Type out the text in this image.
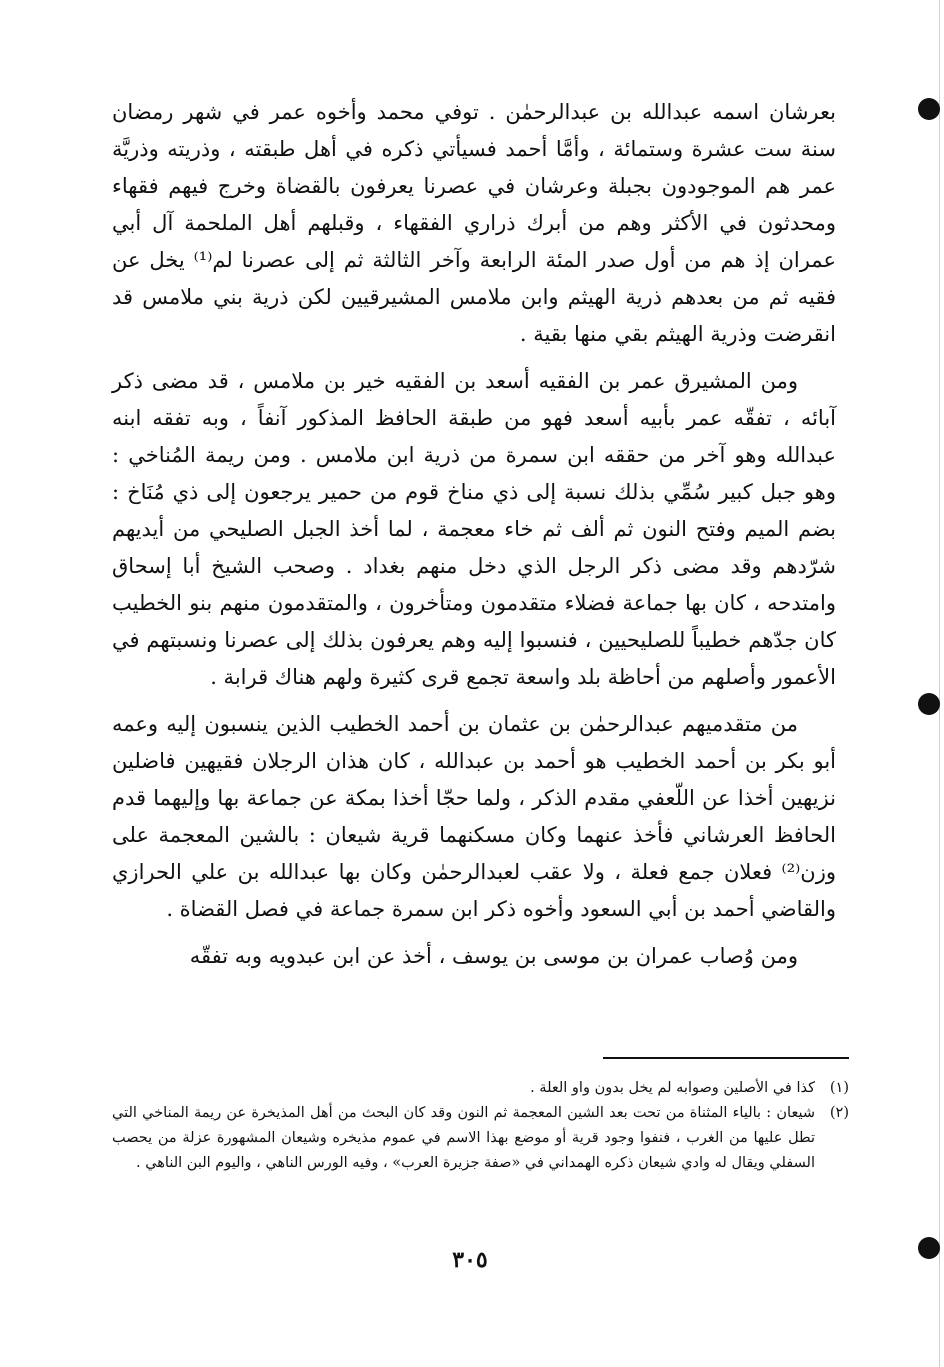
بعرشان اسمه عبدالله بن عبدالرحمٰن . توفي محمد وأخوه عمر في شهر رمضان سنة ست عشرة وستمائة ، وأمَّا أحمد فسيأتي ذكره في أهل طبقته ، وذريته وذريَّة عمر هم الموجودون بجبلة وعرشان في عصرنا يعرفون بالقضاة وخرج فيهم فقهاء ومحدثون في الأكثر وهم من أبرك ذراري الفقهاء ، وقبلهم أهل الملحمة آل أبي عمران إذ هم من أول صدر المئة الرابعة وآخر الثالثة ثم إلى عصرنا لم⁽¹⁾ يخل عن فقيه ثم من بعدهم ذرية الهيثم وابن ملامس المشيرقيين لكن ذرية بني ملامس قد انقرضت وذرية الهيثم بقي منها بقية .

ومن المشيرق عمر بن الفقيه أسعد بن الفقيه خير بن ملامس ، قد مضى ذكر آبائه ، تفقّه عمر بأبيه أسعد فهو من طبقة الحافظ المذكور آنفاً ، وبه تفقه ابنه عبدالله وهو آخر من حققه ابن سمرة من ذرية ابن ملامس . ومن ريمة المُناخي : وهو جبل كبير سُمِّي بذلك نسبة إلى ذي مناخ قوم من حمير يرجعون إلى ذي مُنَاخ : بضم الميم وفتح النون ثم ألف ثم خاء معجمة ، لما أخذ الجبل الصليحي من أيديهم شرّدهم وقد مضى ذكر الرجل الذي دخل منهم بغداد . وصحب الشيخ أبا إسحاق وامتدحه ، كان بها جماعة فضلاء متقدمون ومتأخرون ، والمتقدمون منهم بنو الخطيب كان جدّهم خطيباً للصليحيين ، فنسبوا إليه وهم يعرفون بذلك إلى عصرنا ونسبتهم في الأعمور وأصلهم من أحاظة بلد واسعة تجمع قرى كثيرة ولهم هناك قرابة .

من متقدميهم عبدالرحمٰن بن عثمان بن أحمد الخطيب الذين ينسبون إليه وعمه أبو بكر بن أحمد الخطيب هو أحمد بن عبدالله ، كان هذان الرجلان فقيهين فاضلين نزيهين أخذا عن اللّعفي مقدم الذكر ، ولما حجّا أخذا بمكة عن جماعة بها وإليهما قدم الحافظ العرشاني فأخذ عنهما وكان مسكنهما قرية شيعان : بالشين المعجمة على وزن⁽²⁾ فعلان جمع فعلة ، ولا عقب لعبدالرحمٰن وكان بها عبدالله بن علي الحرازي والقاضي أحمد بن أبي السعود وأخوه ذكر ابن سمرة جماعة في فصل القضاة .

ومن وُصاب عمران بن موسى بن يوسف ، أخذ عن ابن عبدويه وبه تفقّه

(١)
كذا في الأصلين وصوابه لم يخل بدون واو العلة .

(٢)
شيعان : بالياء المثناة من تحت بعد الشين المعجمة ثم النون وقد كان البحث من أهل المذيخرة عن ريمة المناخي التي تطل عليها من الغرب ، فنفوا وجود قرية أو موضع بهذا الاسم في عموم مذيخره وشيعان المشهورة عزلة من يحصب السفلي ويقال له وادي شيعان ذكره الهمداني في «صفة جزيرة العرب» ، وفيه الورس الناهي ، واليوم البن الناهي .

٣٠٥
